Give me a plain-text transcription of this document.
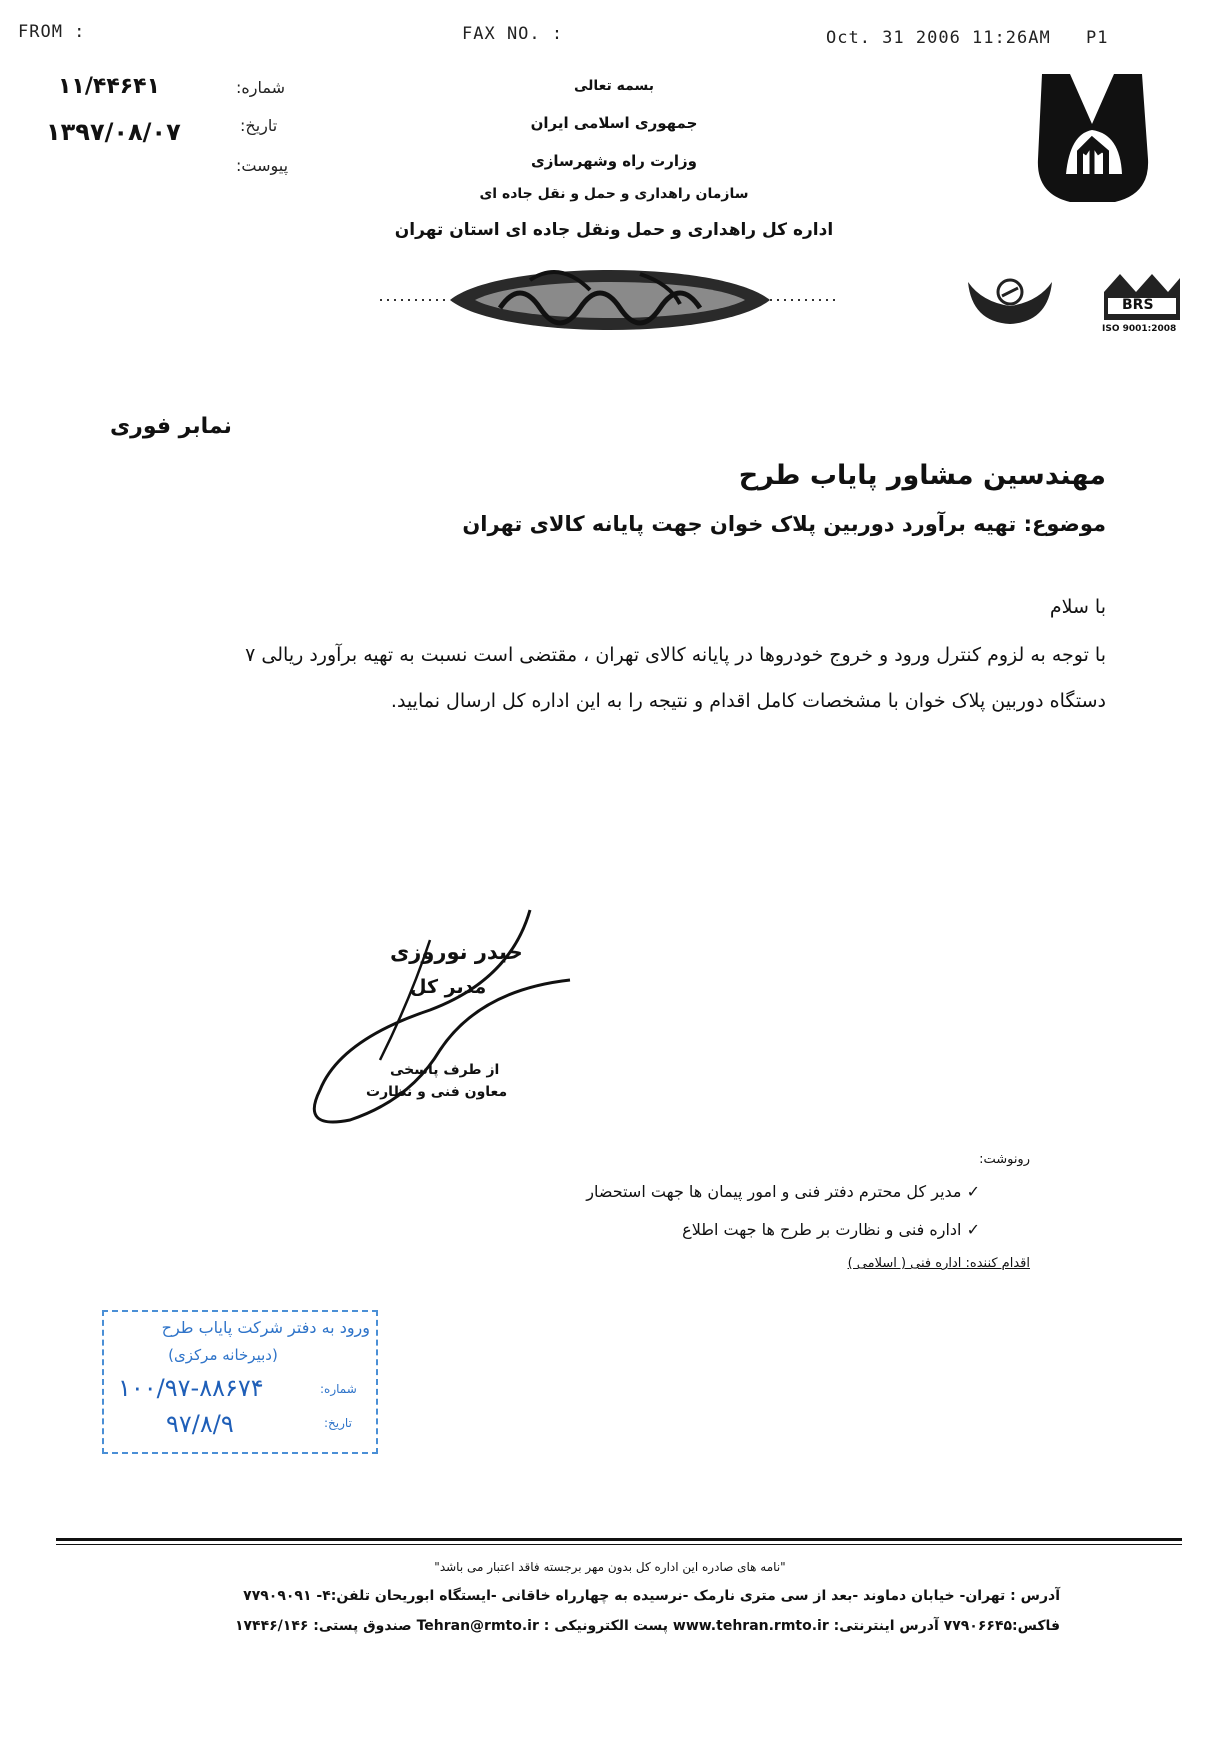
FROM :	FAX NO. :	Oct. 31 2006 11:26AM P1
۱۱/۴۴۶۴۱	شماره:
۱۳۹۷/۰۸/۰۷	تاریخ:
پیوست:
بسمه تعالی
جمهوری اسلامی ایران
وزارت راه وشهرسازی
سازمان راهداری و حمل و نقل جاده ای
اداره کل راهداری و حمل ونقل جاده ای استان تهران
BRS
ISO 9001:2008
نمابر فوری
مهندسین مشاور پایاب طرح
موضوع: تهیه برآورد دوربین پلاک خوان جهت پایانه کالای تهران
با سلام
با توجه به لزوم کنترل ورود و خروج خودروها در پایانه کالای تهران ، مقتضی است نسبت به تهیه برآورد ریالی ۷
دستگاه دوربین پلاک خوان با مشخصات کامل اقدام و نتیجه را به این اداره کل ارسال نمایید.
حیدر نوروزی
مدیر کل
از طرف پاسخی
معاون فنی و نظارت
رونوشت:
✓ مدیر کل محترم دفتر فنی و امور پیمان ها جهت استحضار
✓ اداره فنی و نظارت بر طرح ها جهت اطلاع
اقدام کننده: اداره فنی ( اسلامی )
ورود به دفتر شرکت پایاب طرح
(دبیرخانه مرکزی)
شماره:
۱۰۰/۹۷-۸۸۶۷۴
تاریخ:
۹۷/۸/۹
"نامه های صادره این اداره کل بدون مهر برجسته فاقد اعتبار می باشد"
آدرس : تهران- خیابان دماوند -بعد از سی متری نارمک -نرسیده به چهارراه خاقانی -ایستگاه ابوریحان تلفن:۴- ۷۷۹۰۹۰۹۱
فاکس:۷۷۹۰۶۶۴۵ آدرس اینترنتی: www.tehran.rmto.ir پست الکترونیکی : Tehran@rmto.ir صندوق پستی: ۱۷۴۴۶/۱۴۶
